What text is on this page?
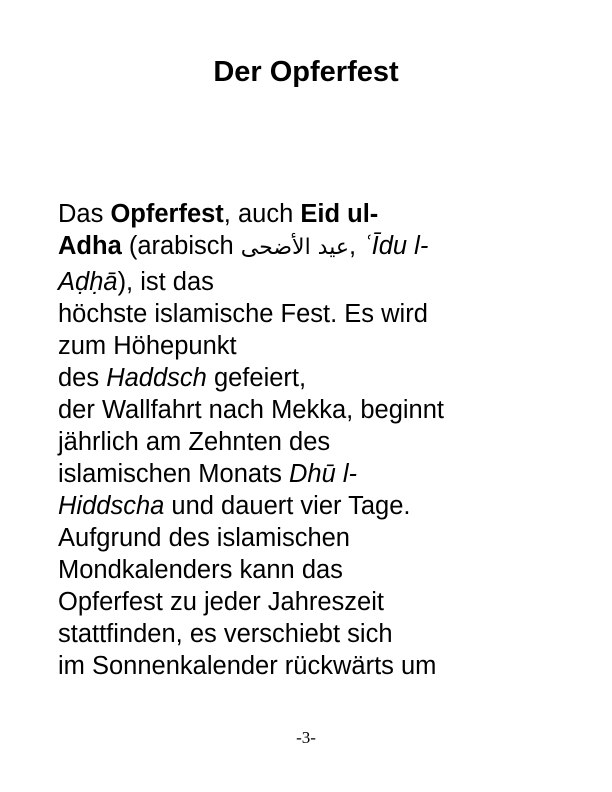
Der Opferfest
Das Opferfest, auch Eid ul-
Adha (arabisch عيد الأضحى, ʿĪdu l-
Aḍḥā), ist das
höchste islamische Fest. Es wird
zum Höhepunkt
des Haddsch gefeiert,
der Wallfahrt nach Mekka, beginnt
jährlich am Zehnten des
islamischen Monats Dhū l-
Hiddscha und dauert vier Tage.
Aufgrund des islamischen
Mondkalenders kann das
Opferfest zu jeder Jahreszeit
stattfinden, es verschiebt sich
im Sonnenkalender rückwärts um
-3-
